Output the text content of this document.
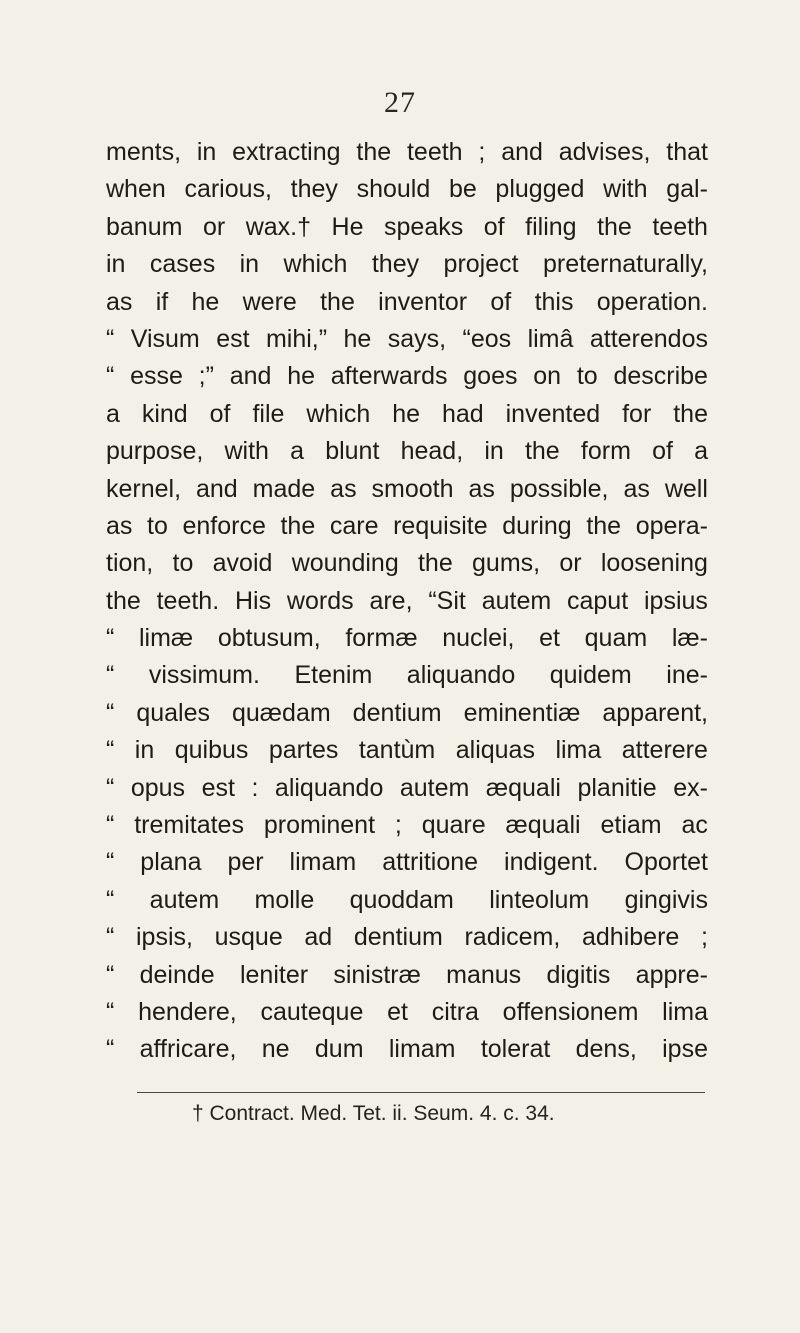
27
ments, in extracting the teeth ; and advises, that
when carious, they should be plugged with gal-
banum or wax.† He speaks of filing the teeth
in cases in which they project preternaturally,
as if he were the inventor of this operation.
“ Visum est mihi,” he says, “eos limâ atterendos
“ esse ;” and he afterwards goes on to describe
a kind of file which he had invented for the
purpose, with a blunt head, in the form of a
kernel, and made as smooth as possible, as well
as to enforce the care requisite during the opera-
tion, to avoid wounding the gums, or loosening
the teeth. His words are, “Sit autem caput ipsius
“ limæ obtusum, formæ nuclei, et quam læ-
“ vissimum. Etenim aliquando quidem ine-
“ quales quædam dentium eminentiæ apparent,
“ in quibus partes tantùm aliquas lima atterere
“ opus est : aliquando autem æquali planitie ex-
“ tremitates prominent ; quare æquali etiam ac
“ plana per limam attritione indigent. Oportet
“ autem molle quoddam linteolum gingivis
“ ipsis, usque ad dentium radicem, adhibere ;
“ deinde leniter sinistræ manus digitis appre-
“ hendere, cauteque et citra offensionem lima
“ affricare, ne dum limam tolerat dens, ipse
† Contract. Med. Tet. ii. Seum. 4. c. 34.
